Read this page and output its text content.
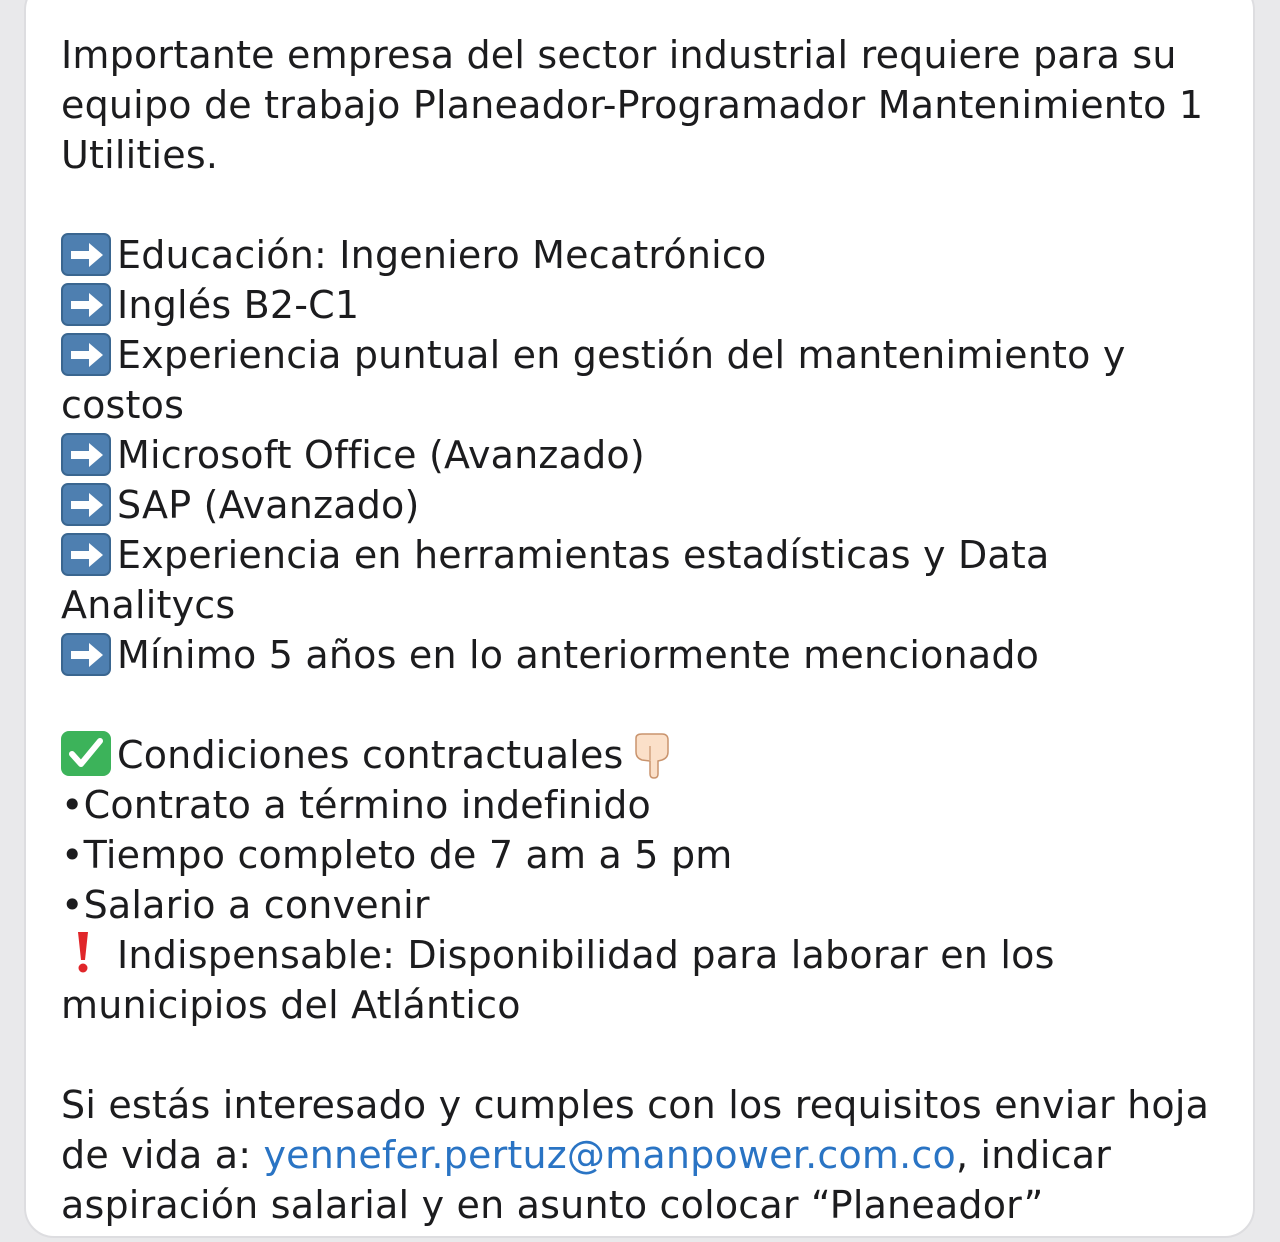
Importante empresa del sector industrial requiere para su
equipo de trabajo Planeador-Programador Mantenimiento 1
Utilities.
Educación: Ingeniero Mecatrónico
Inglés B2-C1
Experiencia puntual en gestión del mantenimiento y
costos
Microsoft Office (Avanzado)
SAP (Avanzado)
Experiencia en herramientas estadísticas y Data
Analitycs
Mínimo 5 años en lo anteriormente mencionado
Condiciones contractuales
•Contrato a término indefinido
•Tiempo completo de 7 am a 5 pm
•Salario a convenir
Indispensable: Disponibilidad para laborar en los
municipios del Atlántico
Si estás interesado y cumples con los requisitos enviar hoja
de vida a: yennefer.pertuz@manpower.com.co, indicar
aspiración salarial y en asunto colocar “Planeador”
